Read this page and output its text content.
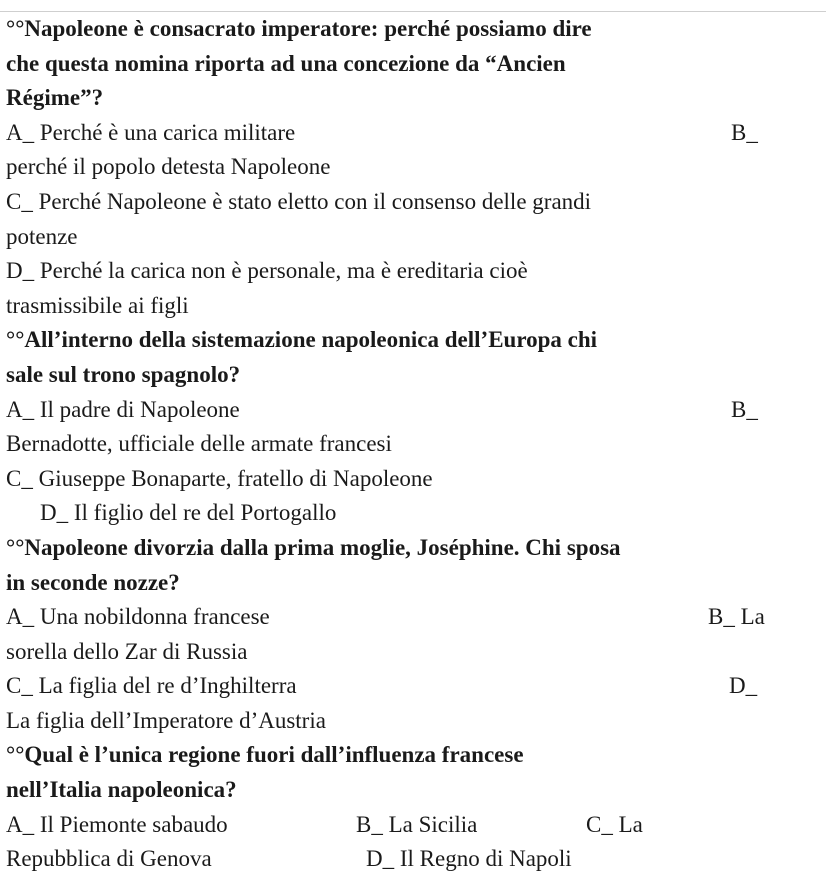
°°Napoleone è consacrato imperatore: perché possiamo dire
che questa nomina riporta ad una concezione da “Ancien
Régime”?
A_ Perché è una carica militare	B_
perché il popolo detesta Napoleone
C_ Perché Napoleone è stato eletto con il consenso delle grandi
potenze
D_ Perché la carica non è personale, ma è ereditaria cioè
trasmissibile ai figli
°°All’interno della sistemazione napoleonica dell’Europa chi
sale sul trono spagnolo?
A_ Il padre di Napoleone	B_
Bernadotte, ufficiale delle armate francesi
C_ Giuseppe Bonaparte, fratello di Napoleone
D_ Il figlio del re del Portogallo
°°Napoleone divorzia dalla prima moglie, Joséphine. Chi sposa
in seconde nozze?
A_ Una nobildonna francese	B_ La
sorella dello Zar di Russia
C_ La figlia del re d’Inghilterra	D_
La figlia dell’Imperatore d’Austria
°°Qual è l’unica regione fuori dall’influenza francese
nell’Italia napoleonica?
A_ Il Piemonte sabaudo	B_ La Sicilia	C_ La
Repubblica di Genova	D_ Il Regno di Napoli
